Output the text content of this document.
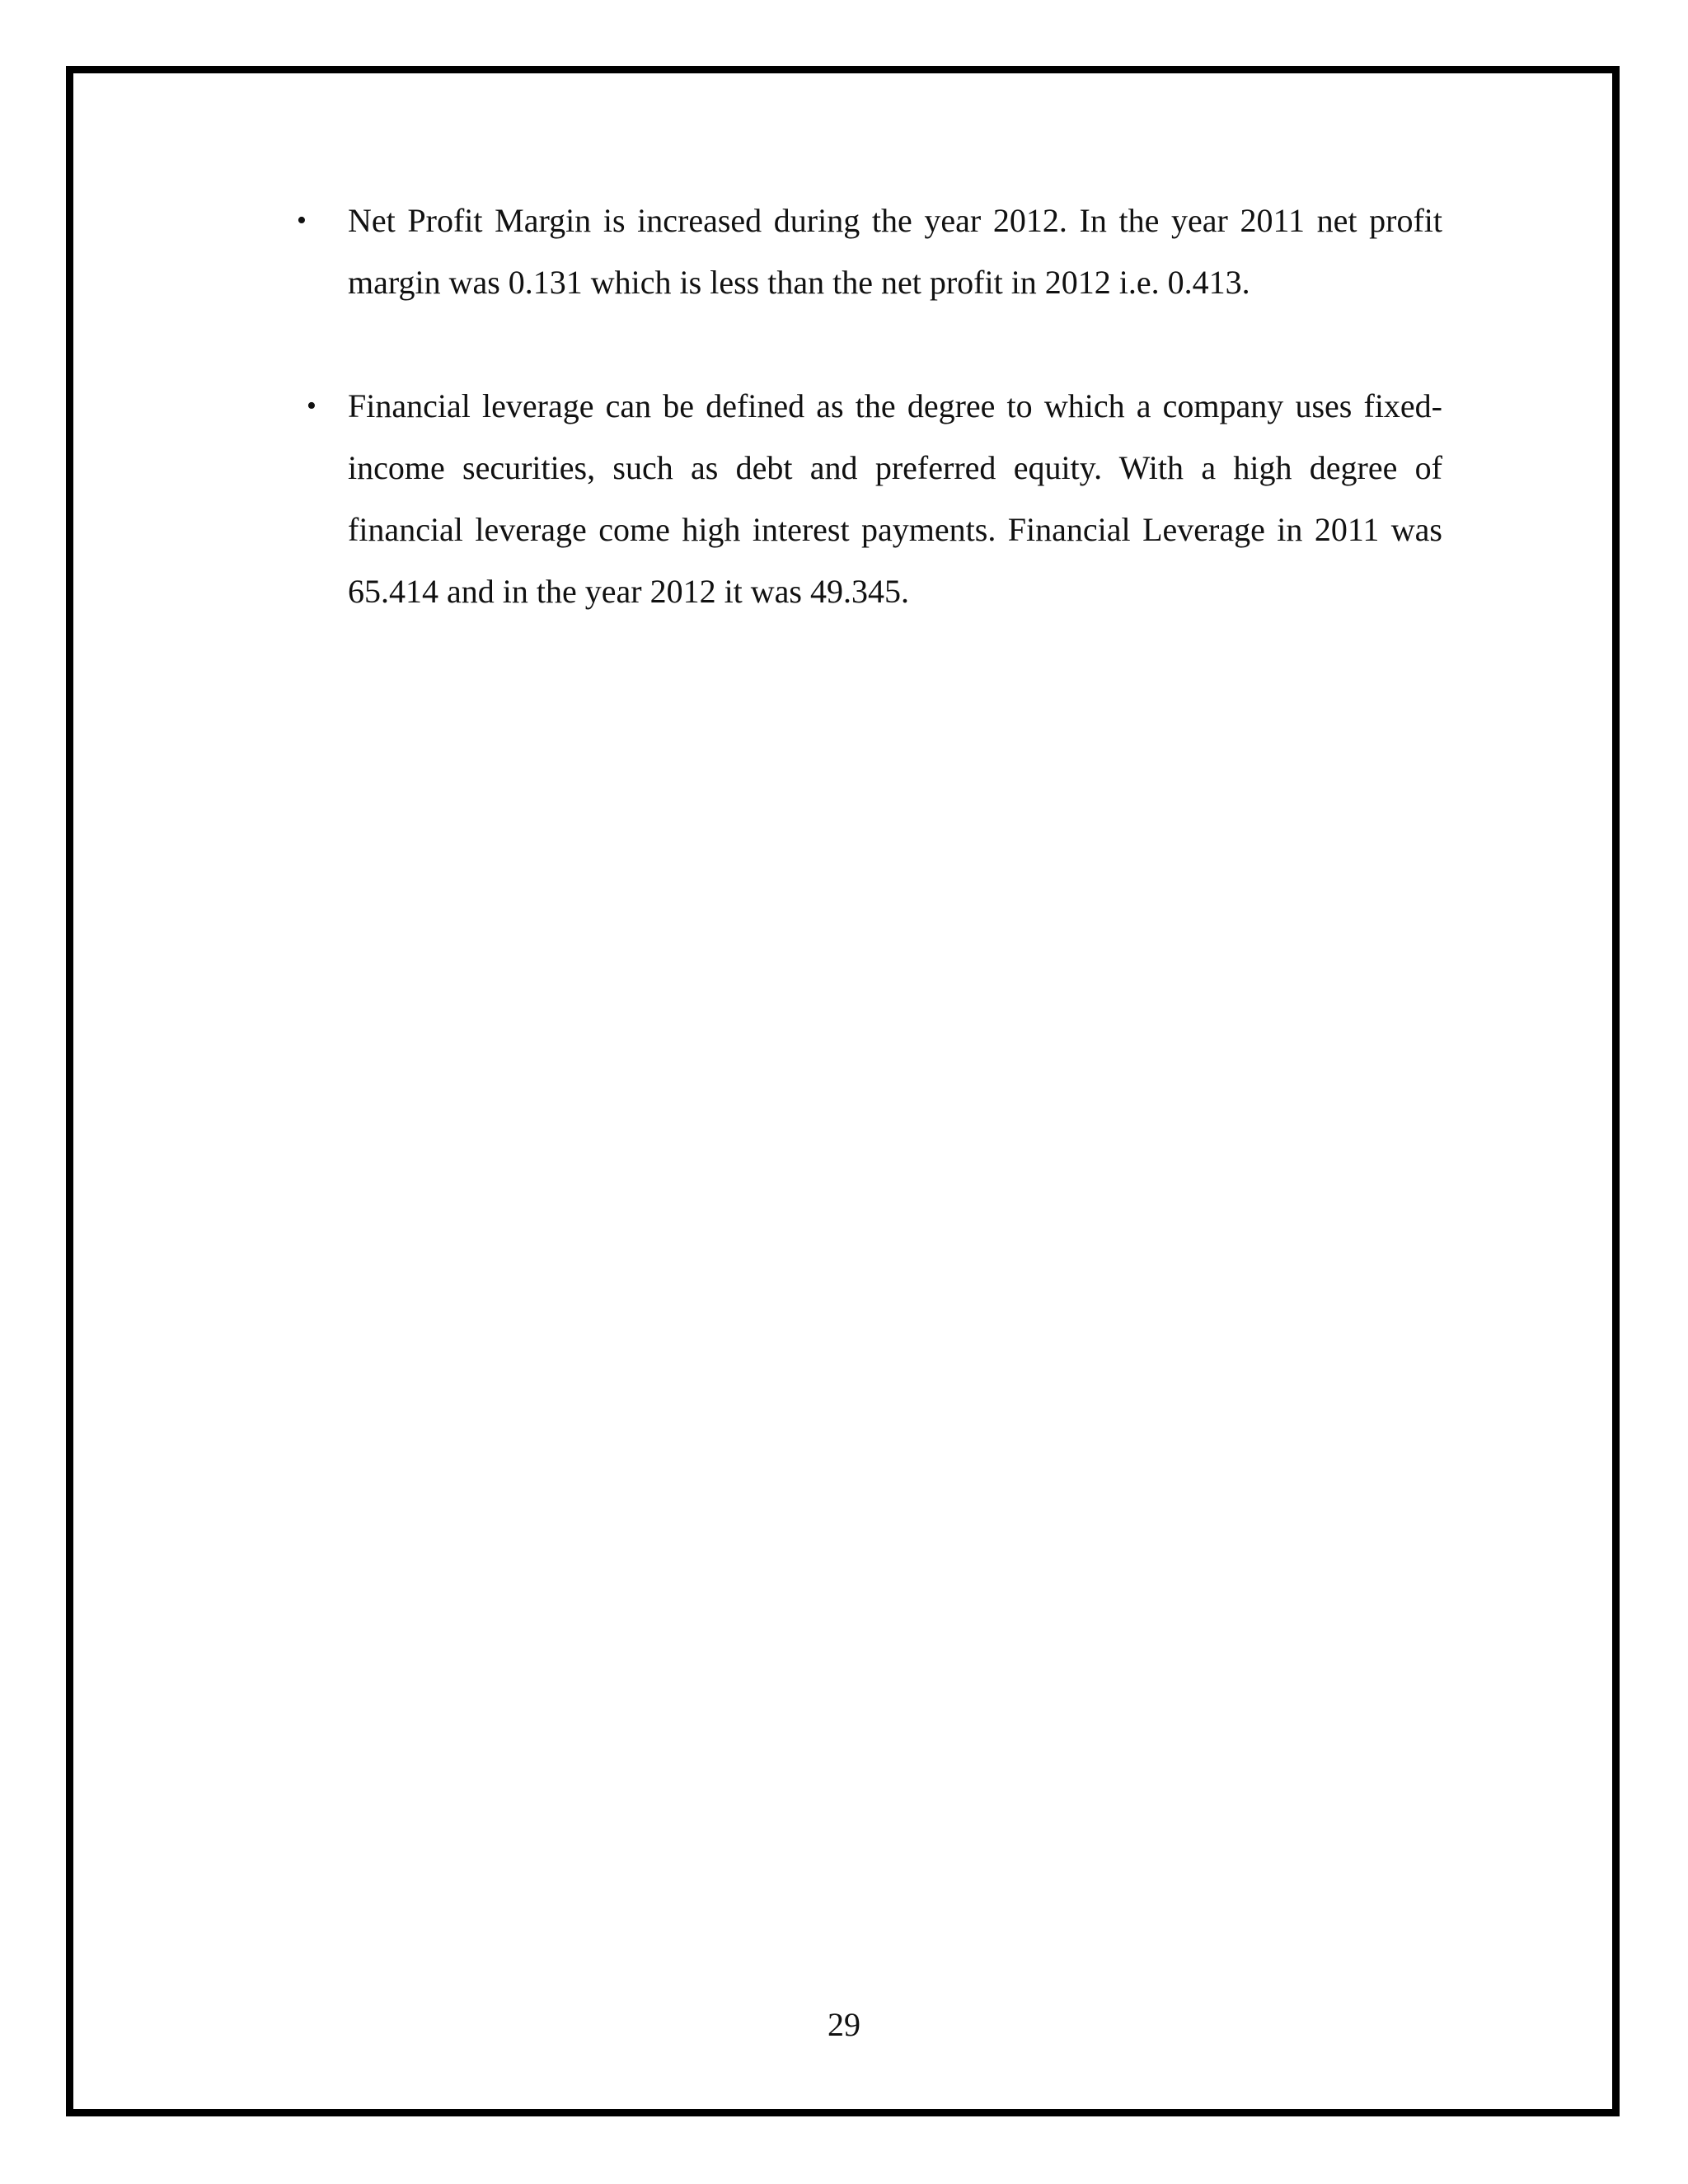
• Net Profit Margin is increased during the year 2012. In the year 2011 net profit margin was 0.131 which is less than the net profit in 2012 i.e. 0.413.
• Financial leverage can be defined as the degree to which a company uses fixed-income securities, such as debt and preferred equity. With a high degree of financial leverage come high interest payments. Financial Leverage in 2011 was 65.414 and in the year 2012 it was 49.345.
29
